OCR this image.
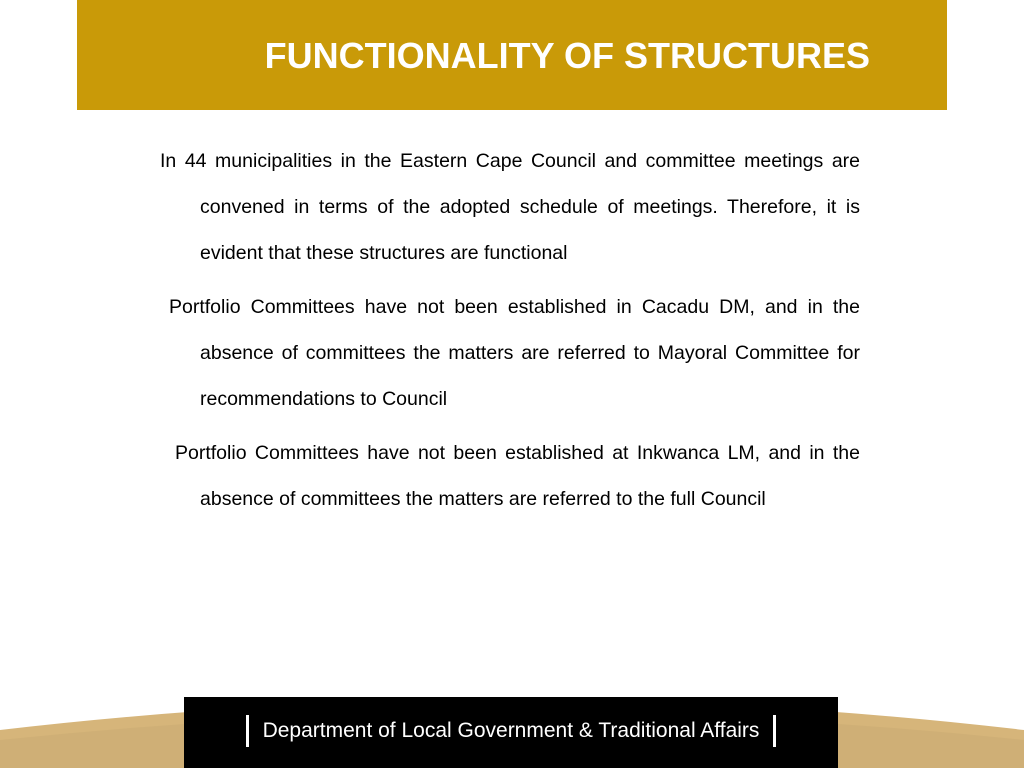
FUNCTIONALITY OF STRUCTURES

In 44 municipalities in the Eastern Cape Council and committee meetings are convened in terms of the adopted schedule of meetings. Therefore, it is evident that these structures are functional

Portfolio Committees have not been established in Cacadu DM, and in the absence of committees the matters are referred to Mayoral Committee for recommendations to Council

Portfolio Committees have not been established at Inkwanca LM, and in the absence of committees the matters are referred to the full Council

Department of Local Government & Traditional Affairs
